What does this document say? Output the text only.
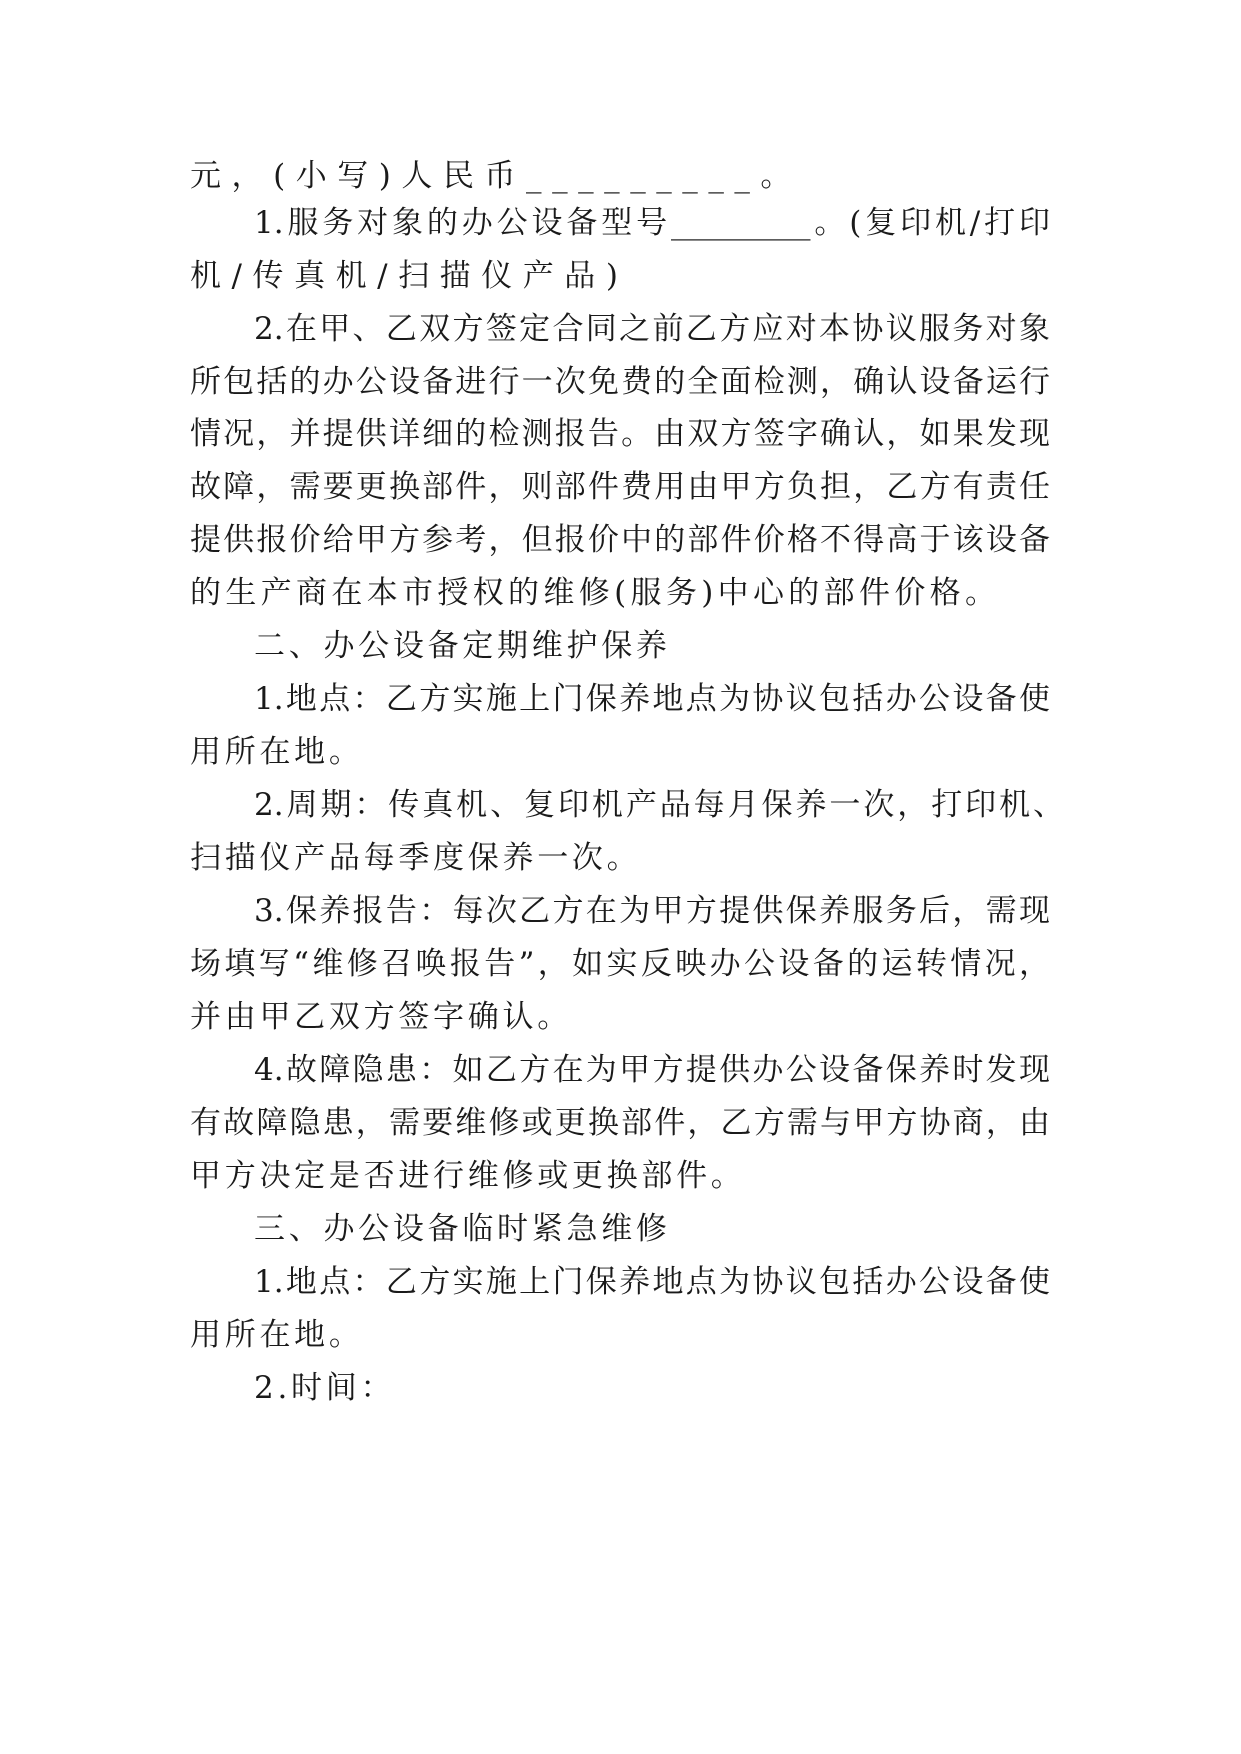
元，(小写)人民币_________。
1.服务对象的办公设备型号_________。(复印机/打印
机/传真机/扫描仪产品)
2.在甲、乙双方签定合同之前乙方应对本协议服务对象
所包括的办公设备进行一次免费的全面检测，确认设备运行
情况，并提供详细的检测报告。由双方签字确认，如果发现
故障，需要更换部件，则部件费用由甲方负担，乙方有责任
提供报价给甲方参考，但报价中的部件价格不得高于该设备
的生产商在本市授权的维修(服务)中心的部件价格。
二、办公设备定期维护保养
1.地点：乙方实施上门保养地点为协议包括办公设备使
用所在地。
2.周期：传真机、复印机产品每月保养一次，打印机、
扫描仪产品每季度保养一次。
3.保养报告：每次乙方在为甲方提供保养服务后，需现
场填写“维修召唤报告”，如实反映办公设备的运转情况，
并由甲乙双方签字确认。
4.故障隐患：如乙方在为甲方提供办公设备保养时发现
有故障隐患，需要维修或更换部件，乙方需与甲方协商，由
甲方决定是否进行维修或更换部件。
三、办公设备临时紧急维修
1.地点：乙方实施上门保养地点为协议包括办公设备使
用所在地。
2.时间：
